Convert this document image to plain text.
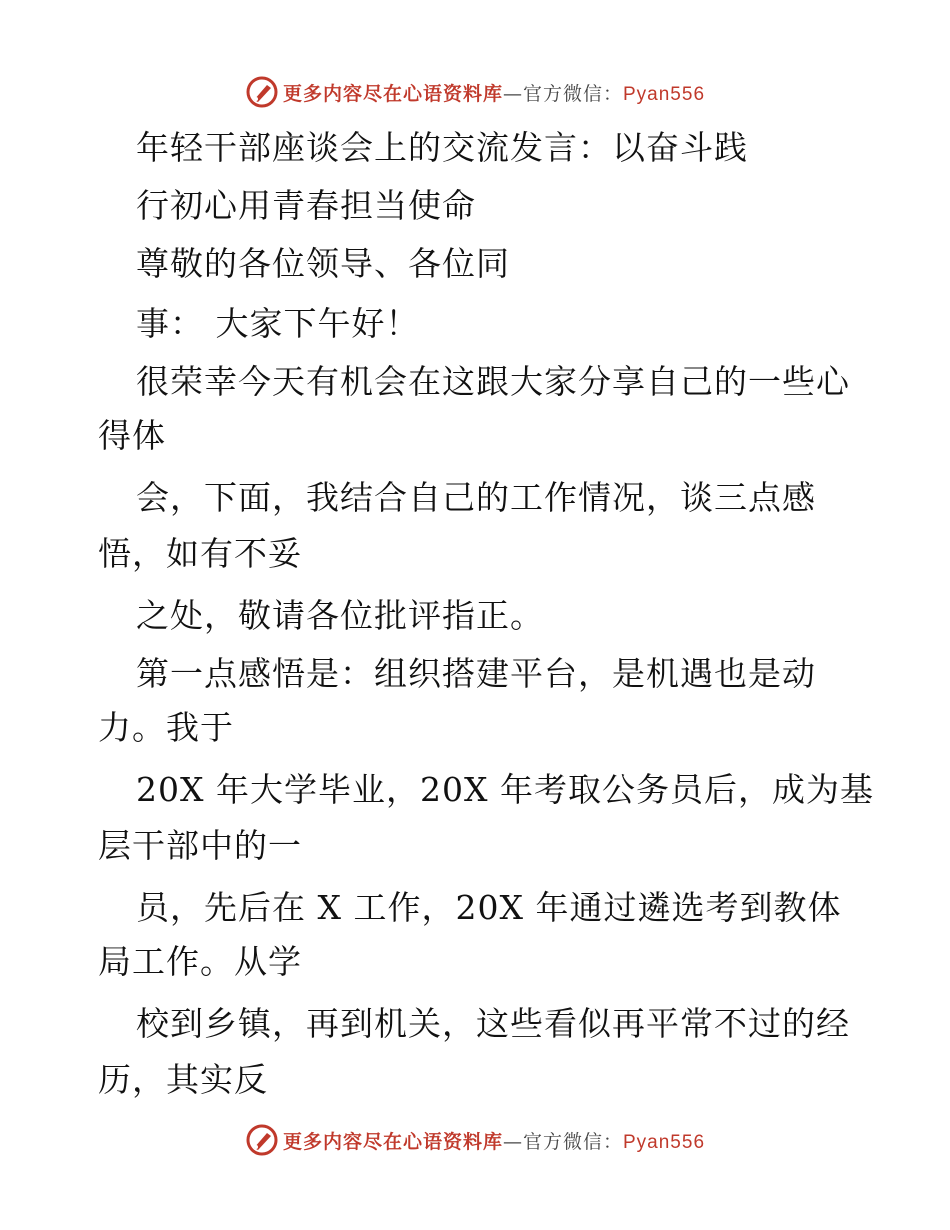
更多内容尽在心语资料库—官方微信：Pyan556
年轻干部座谈会上的交流发言：以奋斗践
行初心用青春担当使命
尊敬的各位领导、各位同
事： 大家下午好！
很荣幸今天有机会在这跟大家分享自己的一些心
得体
会，下面，我结合自己的工作情况，谈三点感
悟，如有不妥
之处，敬请各位批评指正。
第一点感悟是：组织搭建平台，是机遇也是动
力。我于
20X 年大学毕业，20X 年考取公务员后，成为基
层干部中的一
员，先后在 X 工作，20X 年通过遴选考到教体
局工作。从学
校到乡镇，再到机关，这些看似再平常不过的经
历，其实反
更多内容尽在心语资料库—官方微信：Pyan556
